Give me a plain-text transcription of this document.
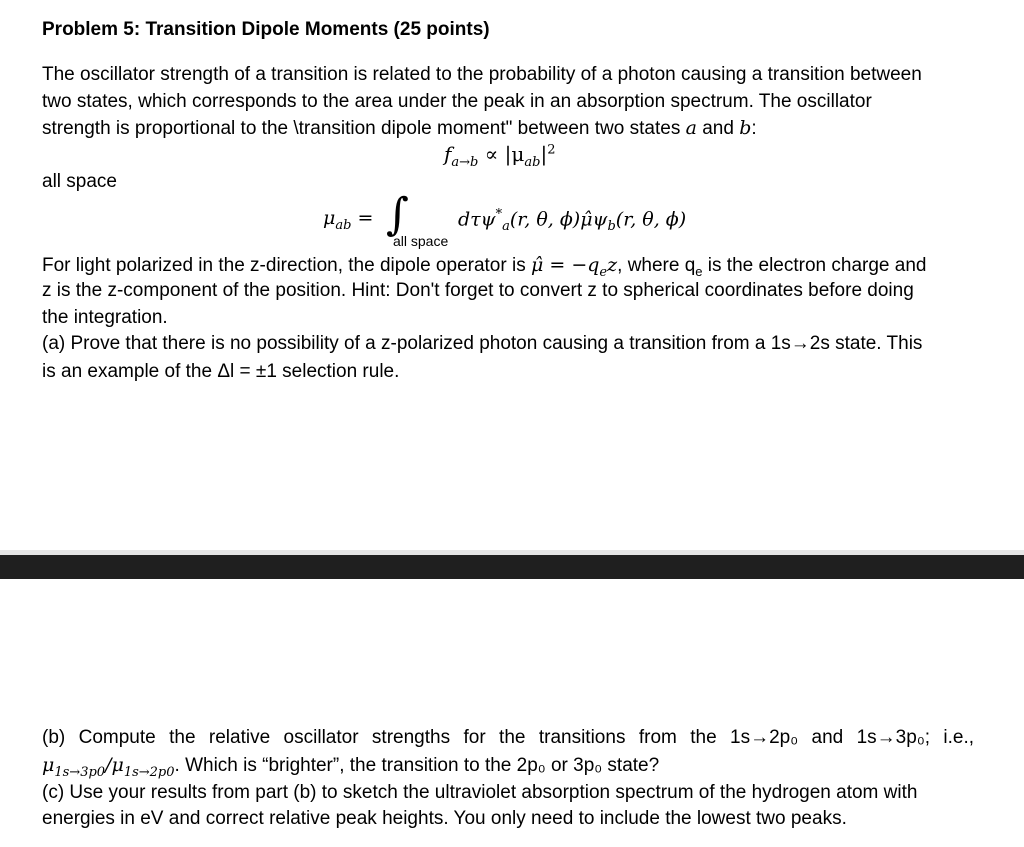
Problem 5: Transition Dipole Moments (25 points)
The oscillator strength of a transition is related to the probability of a photon causing a transition between
two states, which corresponds to the area under the peak in an absorption spectrum. The oscillator
strength is proportional to the \transition dipole moment" between two states a and b:
$f_{a\to b} \propto |\mu_{ab}|^2$
all space
$\mu_{ab}$ = ∫
all space
dτψ*$_a$(r, θ, $\phi)\mû\psi_b(r$, θ, ϕ)
For light polarized in the z-direction, the dipole operator is μ̂ = $-q_ez$, where $q_e$ is the electron charge and
z is the z-component of the position. Hint: Don't forget to convert z to spherical coordinates before doing
the integration.
(a) Prove that there is no possibility of a z-polarized photon causing a transition from a 1s→2s state. This
is an example of the Δl = ±1 selection rule.
(b) Compute the relative oscillator strengths for the transitions from the 1s→2p₀ and 1s→3p₀; i.e.,
$\mu_{1s\to 3p0}/\mu_{1s\to 2p0}$. Which is “brighter”, the transition to the 2p₀ or 3p₀ state?
(c) Use your results from part (b) to sketch the ultraviolet absorption spectrum of the hydrogen atom with
energies in eV and correct relative peak heights. You only need to include the lowest two peaks.
